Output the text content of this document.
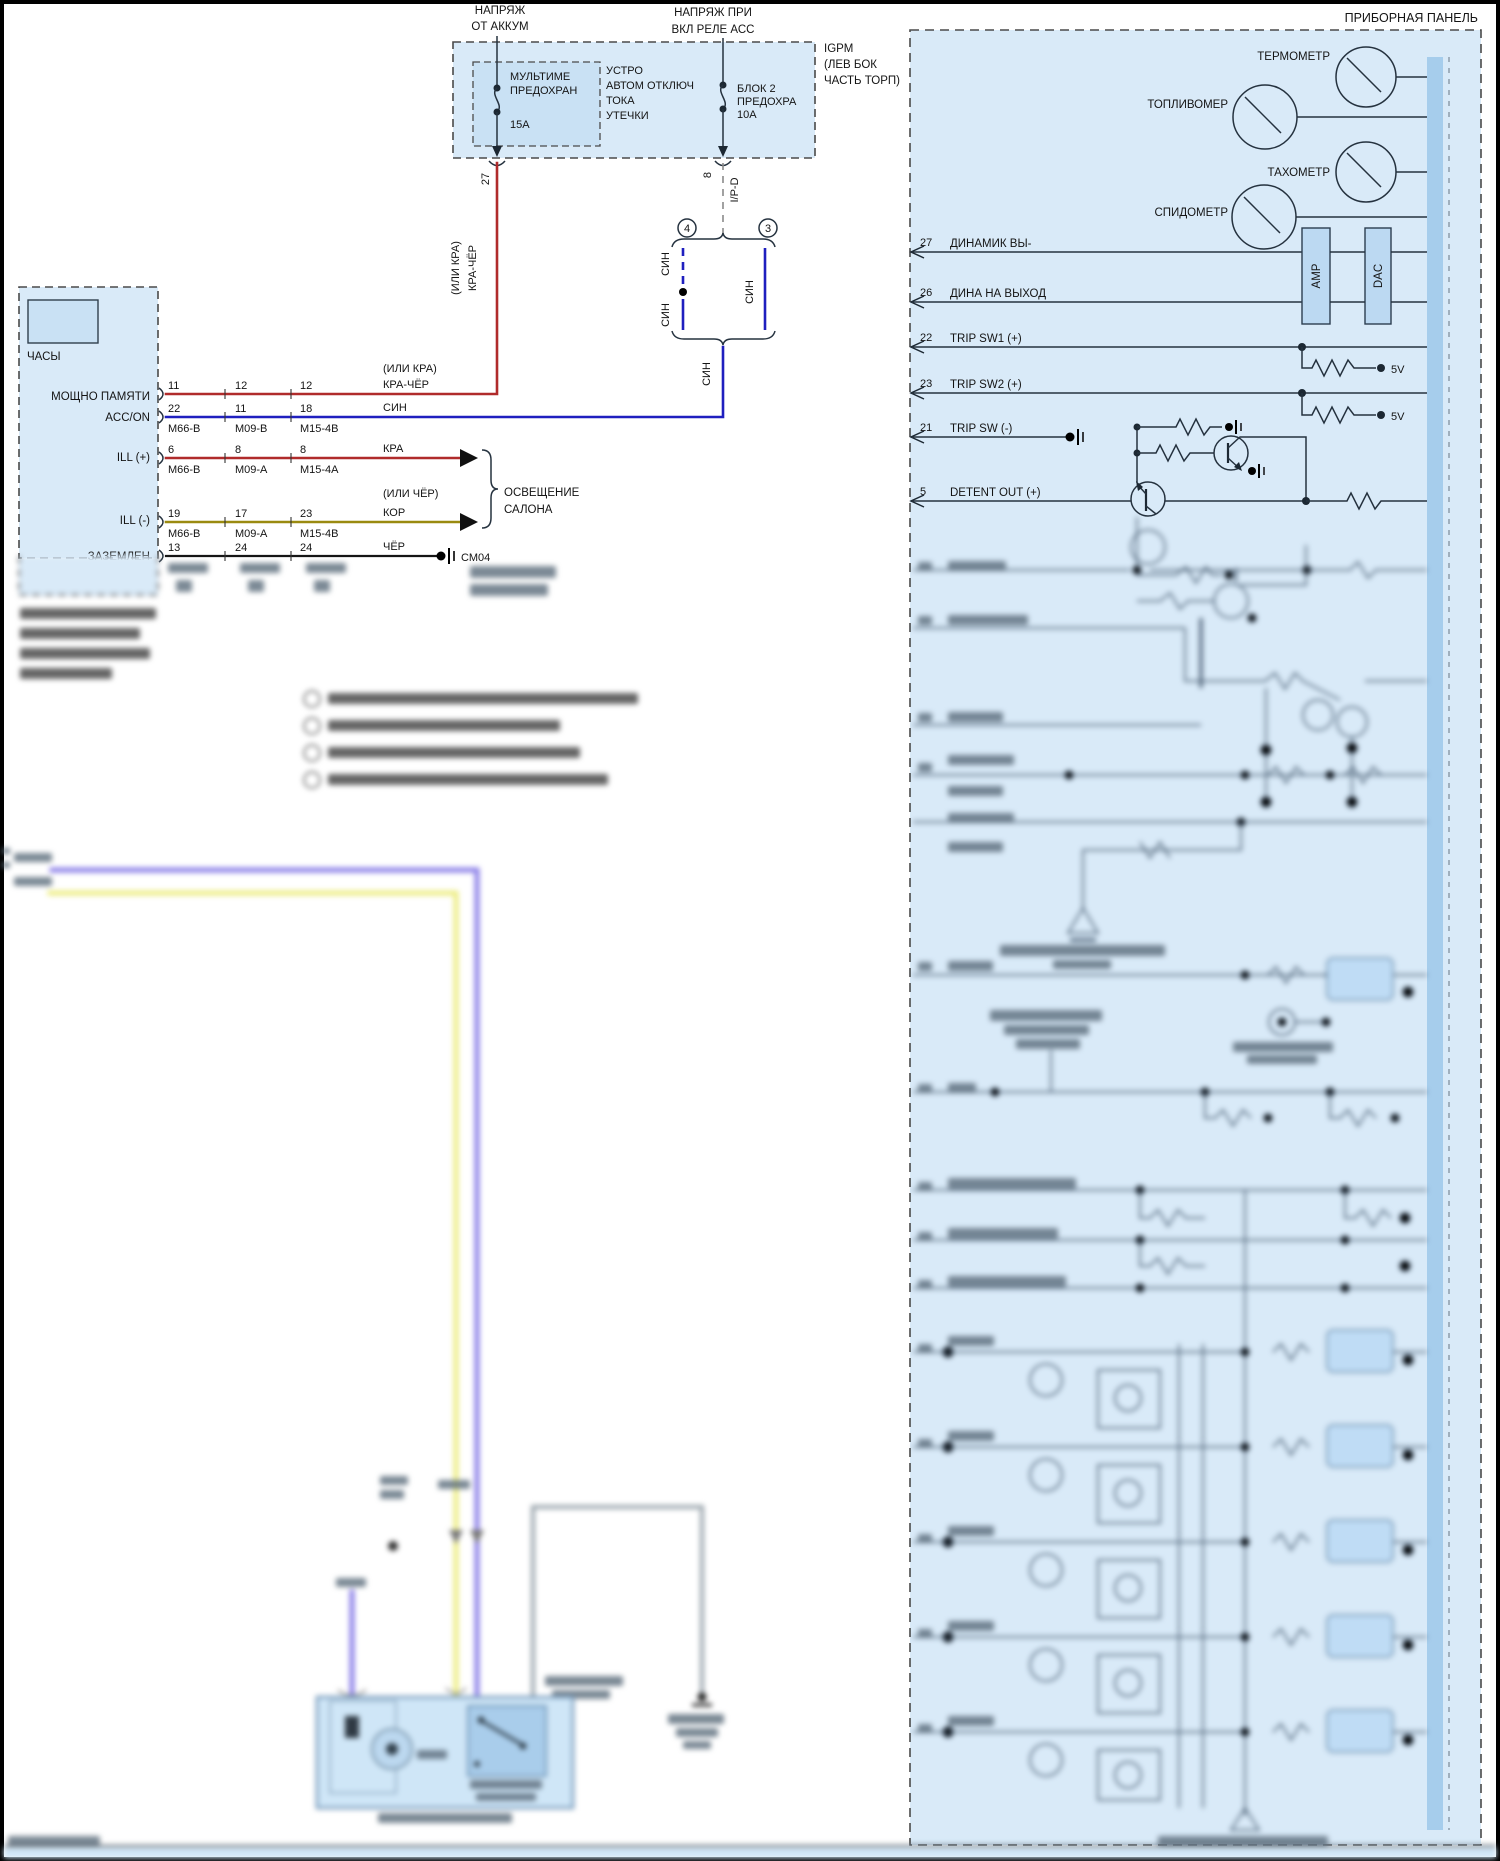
ПРИБОРНАЯ ПАНЕЛЬ
ТЕРМОМЕТР
ТОПЛИВОМЕР
ТАХОМЕТР
СПИДОМЕТР
НАПРЯЖ
ОТ АККУМ
НАПРЯЖ ПРИ
ВКЛ РЕЛЕ АСС
МУЛЬТИМЕ
ПРЕДОХРАН
15А
УСТРО
АВТОМ ОТКЛЮЧ
ТОКА
УТЕЧКИ
БЛОК 2
ПРЕДОХРА
10А
IGPM
(ЛЕВ БОК
ЧАСТЬ ТОРП)
27
(ИЛИ КРА) КРА-ЧЁР
8
I/P-D
4	3
СИН
СИН
СИН
СИН
ЧАСЫ
МОЩНО ПАМЯТИ
ACC/ON
ILL (+)
ILL (-)
11	12	12
(ИЛИ КРА)
КРА-ЧЁР
22	11	18	СИН
M66-B	M09-B	M15-4B
6	8	8	КРА
M66-B	M09-A	M15-4A
(ИЛИ ЧЁР)
19	17	23	КОР
M66-B	M09-A	M15-4B
ОСВЕЩЕНИЕ
САЛОНА
13	24	24	ЧЁР
СМ04
27 ДИНАМИК ВЫ-
26 ДИНА НА ВЫХОД
AMP	DAC
22 TRIP SW1 (+)
5V
23 TRIP SW2 (+)
5V
21 TRIP SW (-)
5 DETENT OUT (+)
